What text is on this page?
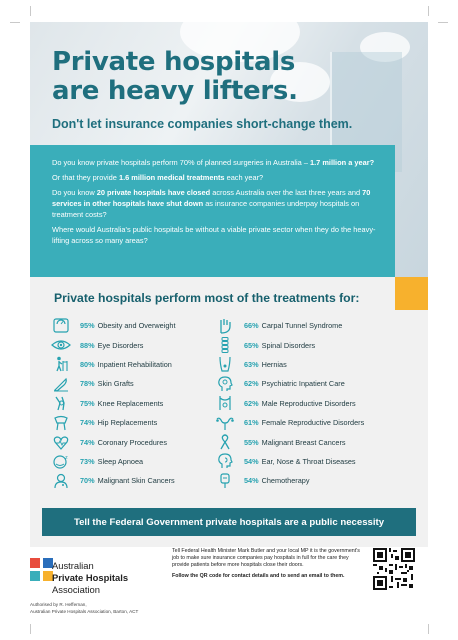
Private hospitals
are heavy lifters.
Don't let insurance companies short-change them.

Do you know private hospitals perform 70% of planned surgeries in Australia – 1.7 million a year?

Or that they provide 1.6 million medical treatments each year?

Do you know 20 private hospitals have closed across Australia over the last three years and 70 services in other hospitals have shut down as insurance companies underpay hospitals on treatment costs?

Where would Australia's public hospitals be without a viable private sector when they do the heavy-lifting across so many areas?

Private hospitals perform most of the treatments for:
95% Obesity and Overweight
88% Eye Disorders
80% Inpatient Rehabilitation
78% Skin Grafts
75% Knee Replacements
74% Hip Replacements
74% Coronary Procedures
z 73% Sleep Apnoea
70% Malignant Skin Cancers
66% Carpal Tunnel Syndrome
65% Spinal Disorders
63% Hernias
62% Psychiatric Inpatient Care
62% Male Reproductive Disorders
61% Female Reproductive Disorders
55% Malignant Breast Cancers
54% Ear, Nose & Throat Diseases
54% Chemotherapy
Tell the Federal Government private hospitals are a public necessity
Australian
Private Hospitals
Association
Authorised by R. Heffernan,
Australian Private Hospitals Association, Barton, ACT

Tell Federal Health Minister Mark Butler and your local MP it is the government's job to make sure insurance companies pay hospitals in full for the care they provide patients before more hospitals close their doors.

Follow the QR code for contact details and to send an email to them.
